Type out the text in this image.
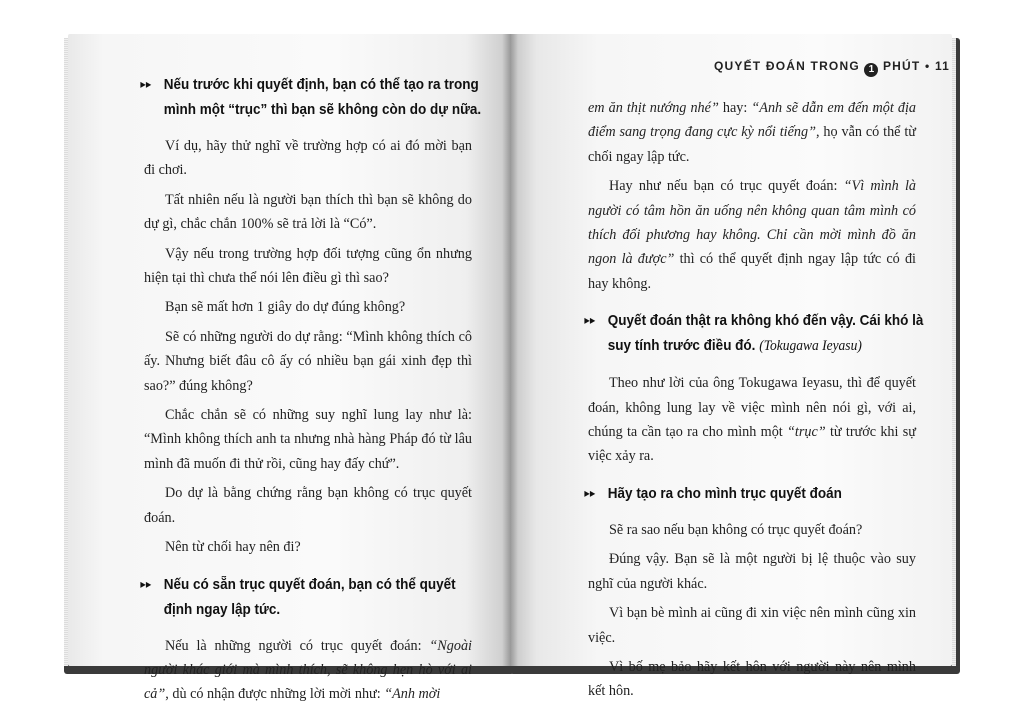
▸▸ Nếu trước khi quyết định, bạn có thể tạo ra trong mình một “trục” thì bạn sẽ không còn do dự nữa.

Ví dụ, hãy thử nghĩ về trường hợp có ai đó mời bạn đi chơi.

Tất nhiên nếu là người bạn thích thì bạn sẽ không do dự gì, chắc chắn 100% sẽ trả lời là “Có”.

Vậy nếu trong trường hợp đối tượng cũng ổn nhưng hiện tại thì chưa thể nói lên điều gì thì sao?

Bạn sẽ mất hơn 1 giây do dự đúng không?

Sẽ có những người do dự rằng: “Mình không thích cô ấy. Nhưng biết đâu cô ấy có nhiều bạn gái xinh đẹp thì sao?” đúng không?

Chắc chắn sẽ có những suy nghĩ lung lay như là: “Mình không thích anh ta nhưng nhà hàng Pháp đó từ lâu mình đã muốn đi thử rồi, cũng hay đấy chứ”.

Do dự là bằng chứng rằng bạn không có trục quyết đoán.

Nên từ chối hay nên đi?

▸▸ Nếu có sẵn trục quyết đoán, bạn có thể quyết định ngay lập tức.

Nếu là những người có trục quyết đoán: “Ngoài người khác giới mà mình thích, sẽ không hẹn hò với ai cả”, dù có nhận được những lời mời như: “Anh mời

QUYẾT ĐOÁN TRONG 1 PHÚT • 11

em ăn thịt nướng nhé” hay: “Anh sẽ dẫn em đến một địa điểm sang trọng đang cực kỳ nổi tiếng”, họ vẫn có thể từ chối ngay lập tức.

Hay như nếu bạn có trục quyết đoán: “Vì mình là người có tâm hồn ăn uống nên không quan tâm mình có thích đối phương hay không. Chỉ cần mời mình đồ ăn ngon là được” thì có thể quyết định ngay lập tức có đi hay không.

▸▸ Quyết đoán thật ra không khó đến vậy. Cái khó là suy tính trước điều đó. (Tokugawa Ieyasu)

Theo như lời của ông Tokugawa Ieyasu, thì để quyết đoán, không lung lay về việc mình nên nói gì, với ai, chúng ta cần tạo ra cho mình một “trục” từ trước khi sự việc xảy ra.

▸▸ Hãy tạo ra cho mình trục quyết đoán

Sẽ ra sao nếu bạn không có trục quyết đoán?

Đúng vậy. Bạn sẽ là một người bị lệ thuộc vào suy nghĩ của người khác.

Vì bạn bè mình ai cũng đi xin việc nên mình cũng xin việc.

Vì bố mẹ bảo hãy kết hôn với người này nên mình kết hôn.
